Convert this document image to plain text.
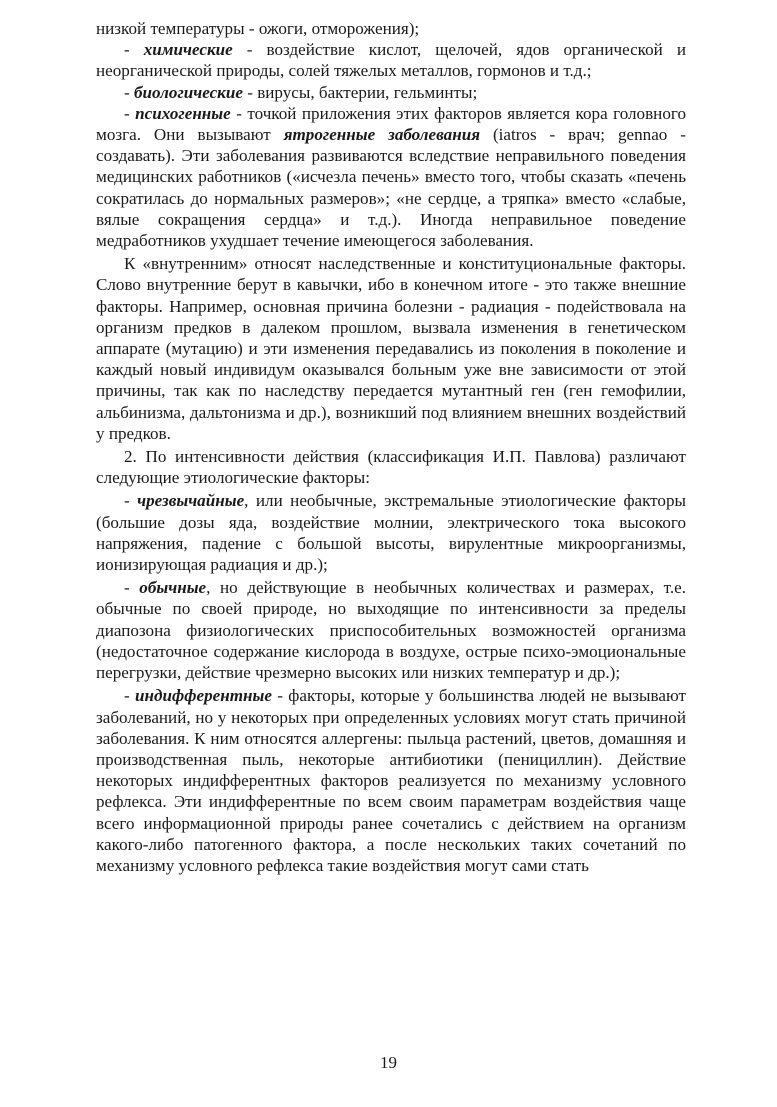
низкой температуры - ожоги, отморожения);

- химические - воздействие кислот, щелочей, ядов органической и неорганической природы, солей тяжелых металлов, гормонов и т.д.;

- биологические - вирусы, бактерии, гельминты;

- психогенные - точкой приложения этих факторов является кора головного мозга. Они вызывают ятрогенные заболевания (iatros - врач; gennao - создавать). Эти заболевания развиваются вследствие неправильного поведения медицинских работников («исчезла печень» вместо того, чтобы сказать «печень сократилась до нормальных размеров»; «не сердце, а тряпка» вместо «слабые, вялые сокращения сердца» и т.д.). Иногда неправильное поведение медработников ухудшает течение имеющегося заболевания.

К «внутренним» относят наследственные и конституциональные факторы. Слово внутренние берут в кавычки, ибо в конечном итоге - это также внешние факторы. Например, основная причина болезни - радиация - подействовала на организм предков в далеком прошлом, вызвала изменения в генетическом аппарате (мутацию) и эти изменения передавались из поколения в поколение и каждый новый индивидум оказывался больным уже вне зависимости от этой причины, так как по наследству передается мутантный ген (ген гемофилии, альбинизма, дальтонизма и др.), возникший под влиянием внешних воздействий у предков.

2. По интенсивности действия (классификация И.П. Павлова) различают следующие этиологические факторы:

- чрезвычайные, или необычные, экстремальные этиологические факторы (большие дозы яда, воздействие молнии, электрического тока высокого напряжения, падение с большой высоты, вирулентные микроорганизмы, ионизирующая радиация и др.);

- обычные, но действующие в необычных количествах и размерах, т.е. обычные по своей природе, но выходящие по интенсивности за пределы диапозона физиологических приспособительных возможностей организма (недостаточное содержание кислорода в воздухе, острые психо-эмоциональные перегрузки, действие чрезмерно высоких или низких температур и др.);

- индифферентные - факторы, которые у большинства людей не вызывают заболеваний, но у некоторых при определенных условиях могут стать причиной заболевания. К ним относятся аллергены: пыльца растений, цветов, домашняя и производственная пыль, некоторые антибиотики (пенициллин). Действие некоторых индифферентных факторов реализуется по механизму условного рефлекса. Эти индифферентные по всем своим параметрам воздействия чаще всего информационной природы ранее сочетались с действием на организм какого-либо патогенного фактора, а после нескольких таких сочетаний по механизму условного рефлекса такие воздействия могут сами стать

19
